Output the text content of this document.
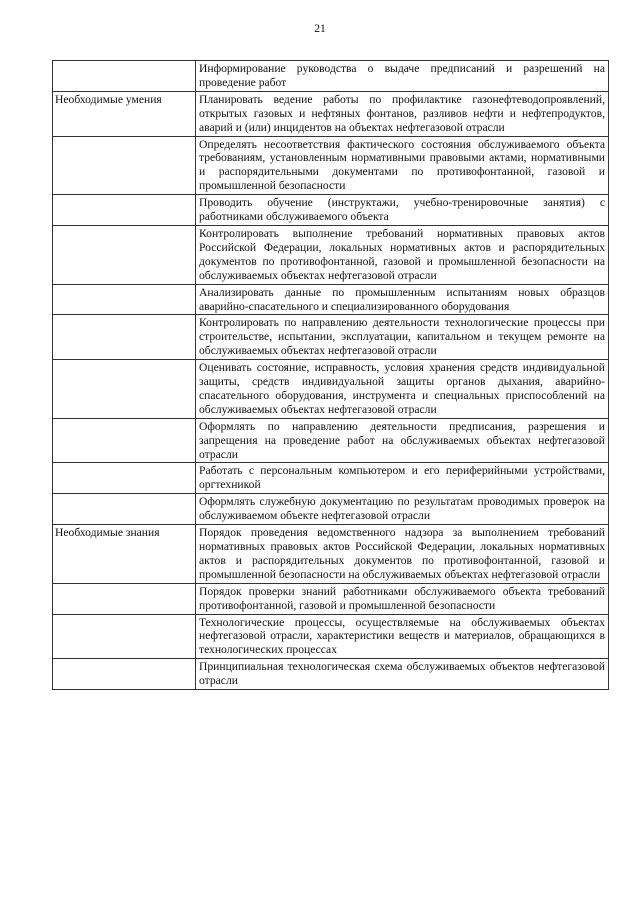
21
	Информирование руководства о выдаче предписаний и разрешений на проведение работ
Необходимые умения	Планировать ведение работы по профилактике газонефтеводопроявлений, открытых газовых и нефтяных фонтанов, разливов нефти и нефтепродуктов, аварий и (или) инцидентов на объектах нефтегазовой отрасли
	Определять несоответствия фактического состояния обслуживаемого объекта требованиям, установленным нормативными правовыми актами, нормативными и распорядительными документами по противофонтанной, газовой и промышленной безопасности
	Проводить обучение (инструктажи, учебно-тренировочные занятия) с работниками обслуживаемого объекта
	Контролировать выполнение требований нормативных правовых актов Российской Федерации, локальных нормативных актов и распорядительных документов по противофонтанной, газовой и промышленной безопасности на обслуживаемых объектах нефтегазовой отрасли
	Анализировать данные по промышленным испытаниям новых образцов аварийно-спасательного и специализированного оборудования
	Контролировать по направлению деятельности технологические процессы при строительстве, испытании, эксплуатации, капитальном и текущем ремонте на обслуживаемых объектах нефтегазовой отрасли
	Оценивать состояние, исправность, условия хранения средств индивидуальной защиты, средств индивидуальной защиты органов дыхания, аварийно-спасательного оборудования, инструмента и специальных приспособлений на обслуживаемых объектах нефтегазовой отрасли
	Оформлять по направлению деятельности предписания, разрешения и запрещения на проведение работ на обслуживаемых объектах нефтегазовой отрасли
	Работать с персональным компьютером и его периферийными устройствами, оргтехникой
	Оформлять служебную документацию по результатам проводимых проверок на обслуживаемом объекте нефтегазовой отрасли
Необходимые знания	Порядок проведения ведомственного надзора за выполнением требований нормативных правовых актов Российской Федерации, локальных нормативных актов и распорядительных документов по противофонтанной, газовой и промышленной безопасности на обслуживаемых объектах нефтегазовой отрасли
	Порядок проверки знаний работниками обслуживаемого объекта требований противофонтанной, газовой и промышленной безопасности
	Технологические процессы, осуществляемые на обслуживаемых объектах нефтегазовой отрасли, характеристики веществ и материалов, обращающихся в технологических процессах
	Принципиальная технологическая схема обслуживаемых объектов нефтегазовой отрасли
